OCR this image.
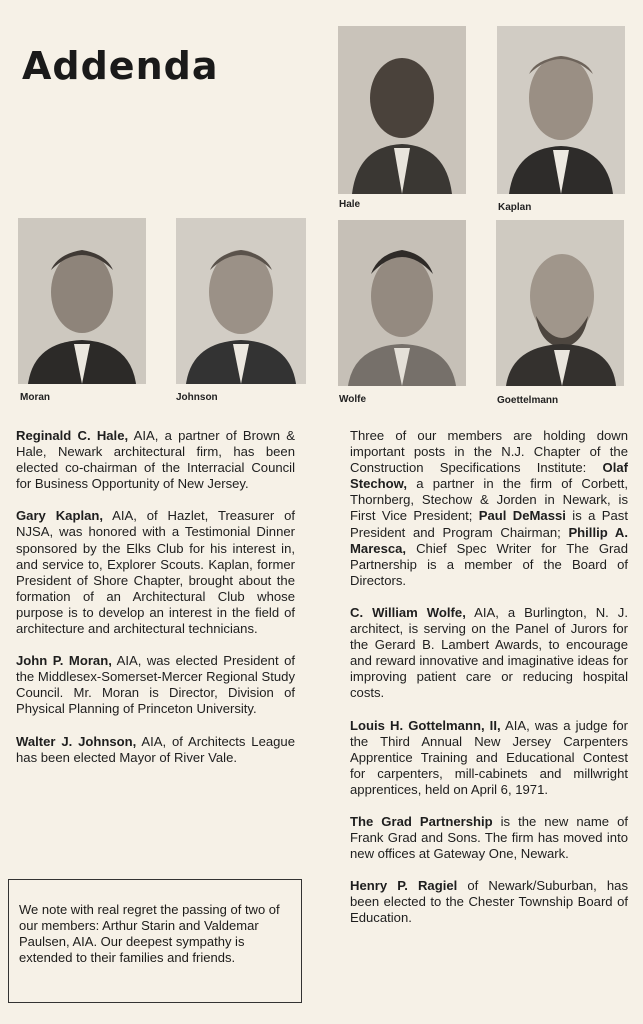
Addenda
Hale	Kaplan
Moran	Johnson	Wolfe	Goettelmann

Reginald C. Hale, AIA, a partner of Brown & Hale, Newark architectural firm, has been elected co-chairman of the Interracial Council for Business Opportunity of New Jersey.

Gary Kaplan, AIA, of Hazlet, Treasurer of NJSA, was honored with a Testimonial Dinner sponsored by the Elks Club for his interest in, and service to, Explorer Scouts. Kaplan, former President of Shore Chapter, brought about the formation of an Architectural Club whose purpose is to develop an interest in the field of architecture and architectural technicians.

John P. Moran, AIA, was elected President of the Middlesex-Somerset-Mercer Regional Study Council. Mr. Moran is Director, Division of Physical Planning of Princeton University.

Walter J. Johnson, AIA, of Architects League has been elected Mayor of River Vale.

We note with real regret the passing of two of our members: Arthur Starin and Valdemar Paulsen, AIA. Our deepest sympathy is extended to their families and friends.

Three of our members are holding down important posts in the N.J. Chapter of the Construction Specifications Institute: Olaf Stechow, a partner in the firm of Corbett, Thornberg, Stechow & Jorden in Newark, is First Vice President; Paul DeMassi is a Past President and Program Chairman; Phillip A. Maresca, Chief Spec Writer for The Grad Partnership is a member of the Board of Directors.

C. William Wolfe, AIA, a Burlington, N. J. architect, is serving on the Panel of Jurors for the Gerard B. Lambert Awards, to encourage and reward innovative and imaginative ideas for improving patient care or reducing hospital costs.

Louis H. Gottelmann, II, AIA, was a judge for the Third Annual New Jersey Carpenters Apprentice Training and Educational Contest for carpenters, mill-cabinets and millwright apprentices, held on April 6, 1971.

The Grad Partnership is the new name of Frank Grad and Sons. The firm has moved into new offices at Gateway One, Newark.

Henry P. Ragiel of Newark/Suburban, has been elected to the Chester Township Board of Education.
